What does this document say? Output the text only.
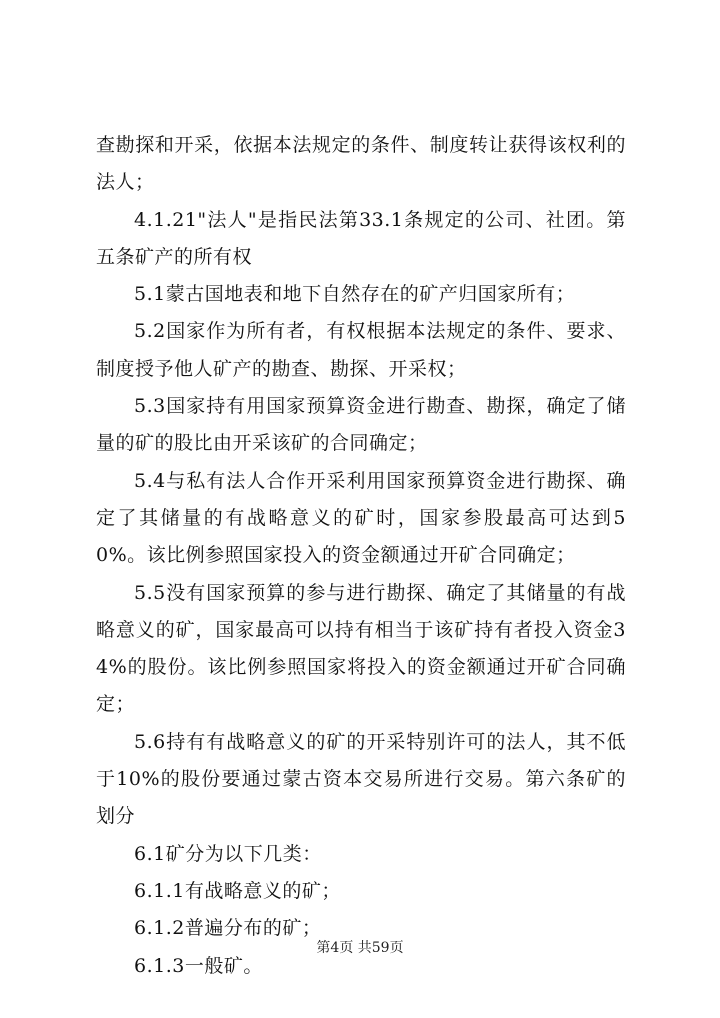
查勘探和开采，依据本法规定的条件、制度转让获得该权利的法人；

4.1.21"法人"是指民法第33.1条规定的公司、社团。第五条矿产的所有权

5.1蒙古国地表和地下自然存在的矿产归国家所有；

5.2国家作为所有者，有权根据本法规定的条件、要求、制度授予他人矿产的勘查、勘探、开采权；

5.3国家持有用国家预算资金进行勘查、勘探，确定了储量的矿的股比由开采该矿的合同确定；

5.4与私有法人合作开采利用国家预算资金进行勘探、确定了其储量的有战略意义的矿时，国家参股最高可达到50%。该比例参照国家投入的资金额通过开矿合同确定；

5.5没有国家预算的参与进行勘探、确定了其储量的有战略意义的矿，国家最高可以持有相当于该矿持有者投入资金34%的股份。该比例参照国家将投入的资金额通过开矿合同确定；

5.6持有有战略意义的矿的开采特别许可的法人，其不低于10%的股份要通过蒙古资本交易所进行交易。第六条矿的划分

6.1矿分为以下几类：

6.1.1有战略意义的矿；

6.1.2普遍分布的矿；

6.1.3一般矿。

第4页 共59页
